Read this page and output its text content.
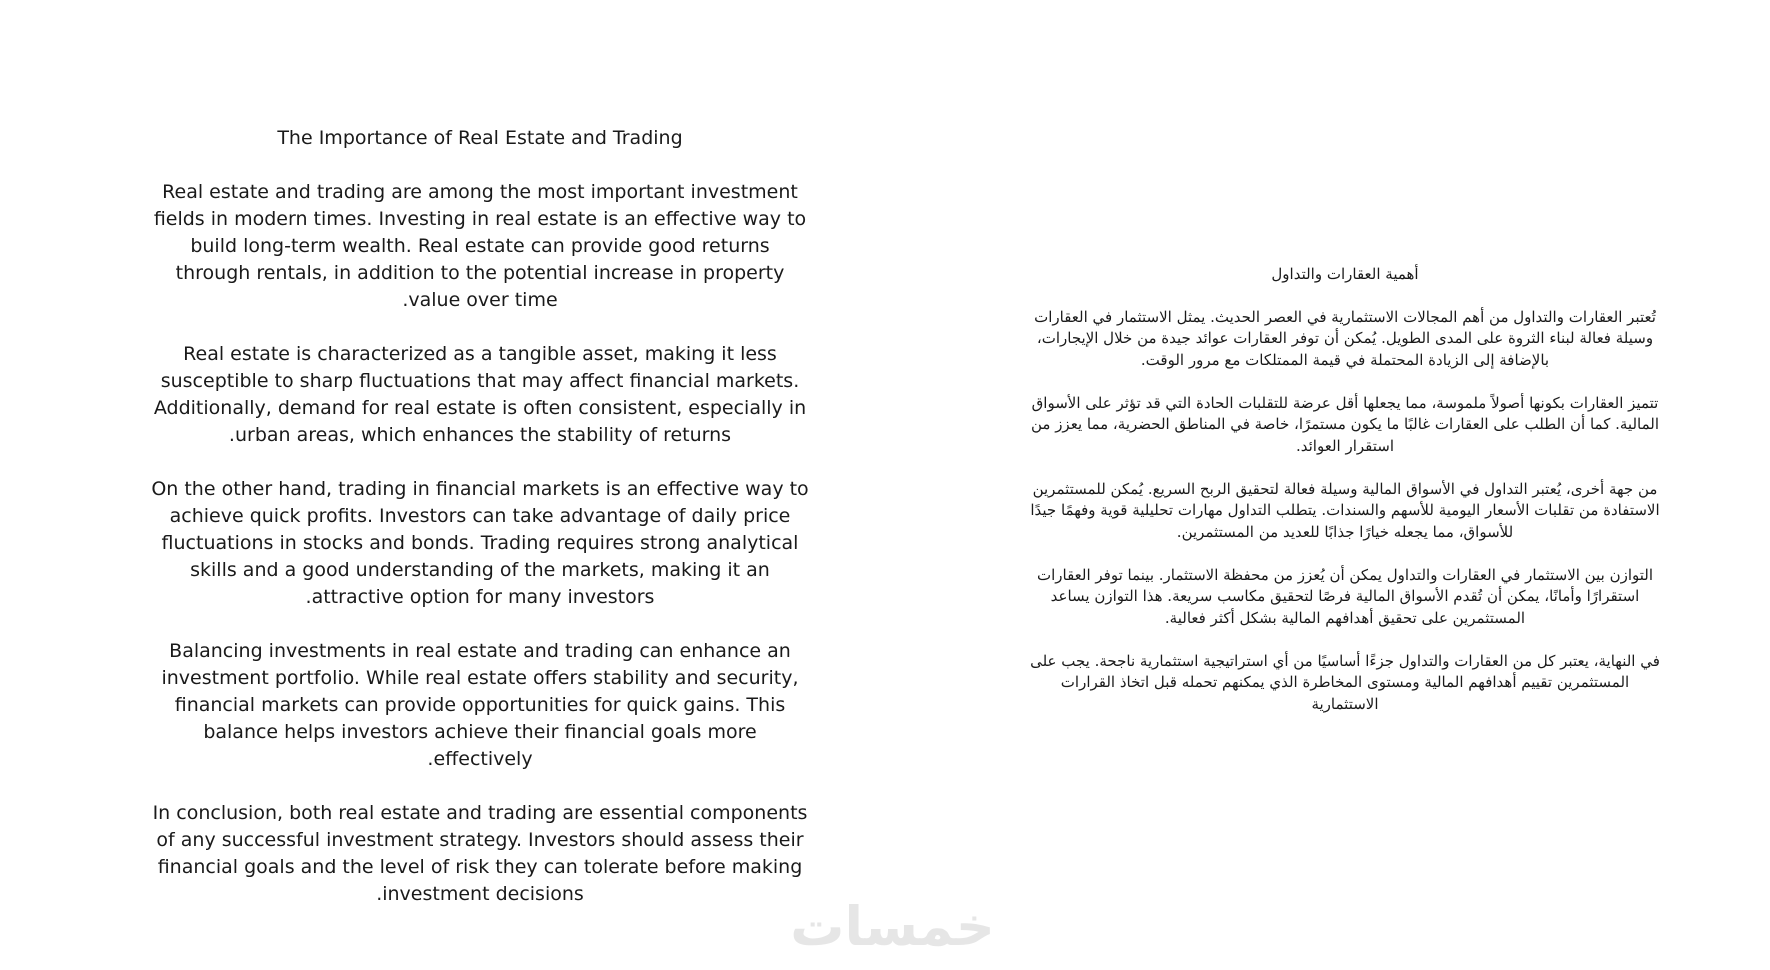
The Importance of Real Estate and Trading

Real estate and trading are among the most important investment fields in modern times. Investing in real estate is an effective way to build long-term wealth. Real estate can provide good returns through rentals, in addition to the potential increase in property value over time.

Real estate is characterized as a tangible asset, making it less susceptible to sharp fluctuations that may affect financial markets. Additionally, demand for real estate is often consistent, especially in urban areas, which enhances the stability of returns.

On the other hand, trading in financial markets is an effective way to achieve quick profits. Investors can take advantage of daily price fluctuations in stocks and bonds. Trading requires strong analytical skills and a good understanding of the markets, making it an attractive option for many investors.

Balancing investments in real estate and trading can enhance an investment portfolio. While real estate offers stability and security, financial markets can provide opportunities for quick gains. This balance helps investors achieve their financial goals more effectively.

In conclusion, both real estate and trading are essential components of any successful investment strategy. Investors should assess their financial goals and the level of risk they can tolerate before making investment decisions.

أهمية العقارات والتداول

تُعتبر العقارات والتداول من أهم المجالات الاستثمارية في العصر الحديث. يمثل الاستثمار في العقارات وسيلة فعالة لبناء الثروة على المدى الطويل. يُمكن أن توفر العقارات عوائد جيدة من خلال الإيجارات، بالإضافة إلى الزيادة المحتملة في قيمة الممتلكات مع مرور الوقت.

تتميز العقارات بكونها أصولاً ملموسة، مما يجعلها أقل عرضة للتقلبات الحادة التي قد تؤثر على الأسواق المالية. كما أن الطلب على العقارات غالبًا ما يكون مستمرًا، خاصة في المناطق الحضرية، مما يعزز من استقرار العوائد.

من جهة أخرى، يُعتبر التداول في الأسواق المالية وسيلة فعالة لتحقيق الربح السريع. يُمكن للمستثمرين الاستفادة من تقلبات الأسعار اليومية للأسهم والسندات. يتطلب التداول مهارات تحليلية قوية وفهمًا جيدًا للأسواق، مما يجعله خيارًا جذابًا للعديد من المستثمرين.

التوازن بين الاستثمار في العقارات والتداول يمكن أن يُعزز من محفظة الاستثمار. بينما توفر العقارات استقرارًا وأمانًا، يمكن أن تُقدم الأسواق المالية فرصًا لتحقيق مكاسب سريعة. هذا التوازن يساعد المستثمرين على تحقيق أهدافهم المالية بشكل أكثر فعالية.

في النهاية، يعتبر كل من العقارات والتداول جزءًا أساسيًا من أي استراتيجية استثمارية ناجحة. يجب على المستثمرين تقييم أهدافهم المالية ومستوى المخاطرة الذي يمكنهم تحمله قبل اتخاذ القرارات الاستثمارية

خمسات
